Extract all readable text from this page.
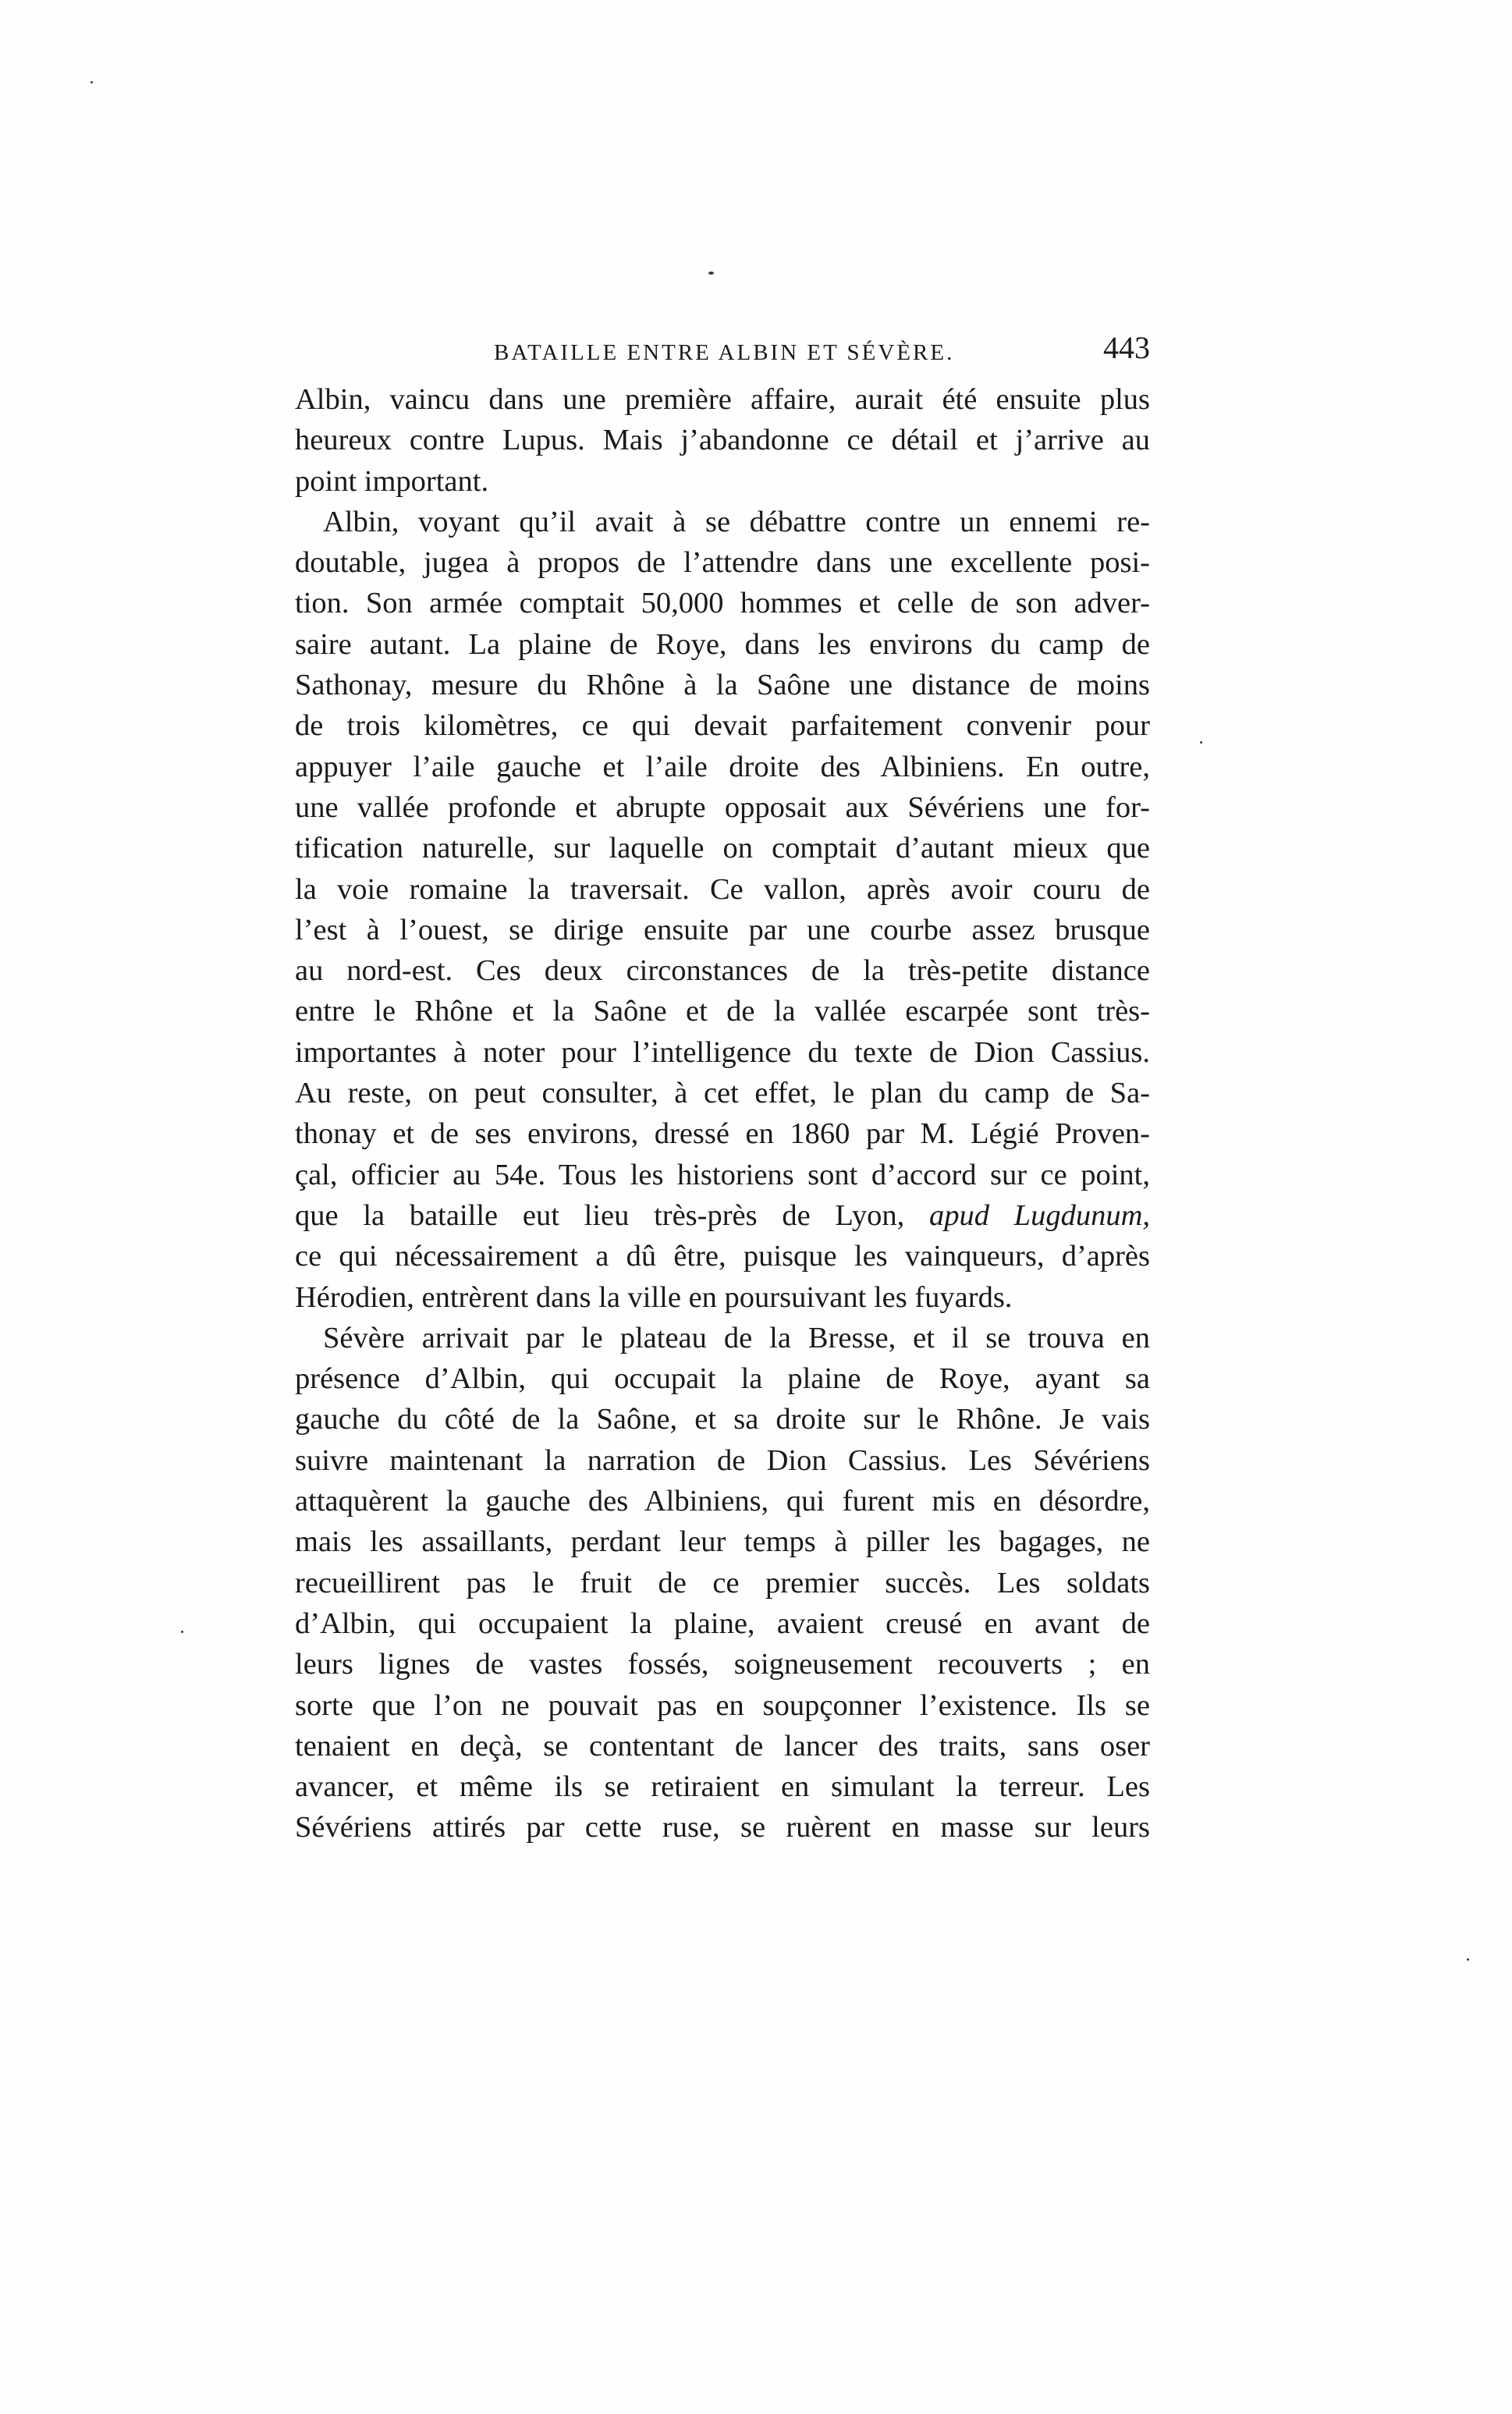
BATAILLE ENTRE ALBIN ET SÉVÈRE.	443
Albin, vaincu dans une première affaire, aurait été ensuite plus
heureux contre Lupus. Mais j’abandonne ce détail et j’arrive au
point important.
Albin, voyant qu’il avait à se débattre contre un ennemi re-
doutable, jugea à propos de l’attendre dans une excellente posi-
tion. Son armée comptait 50,000 hommes et celle de son adver-
saire autant. La plaine de Roye, dans les environs du camp de
Sathonay, mesure du Rhône à la Saône une distance de moins
de trois kilomètres, ce qui devait parfaitement convenir pour
appuyer l’aile gauche et l’aile droite des Albiniens. En outre,
une vallée profonde et abrupte opposait aux Sévériens une for-
tification naturelle, sur laquelle on comptait d’autant mieux que
la voie romaine la traversait. Ce vallon, après avoir couru de
l’est à l’ouest, se dirige ensuite par une courbe assez brusque
au nord-est. Ces deux circonstances de la très-petite distance
entre le Rhône et la Saône et de la vallée escarpée sont très-
importantes à noter pour l’intelligence du texte de Dion Cassius.
Au reste, on peut consulter, à cet effet, le plan du camp de Sa-
thonay et de ses environs, dressé en 1860 par M. Légié Proven-
çal, officier au 54e. Tous les historiens sont d’accord sur ce point,
que la bataille eut lieu très-près de Lyon, apud Lugdunum,
ce qui nécessairement a dû être, puisque les vainqueurs, d’après
Hérodien, entrèrent dans la ville en poursuivant les fuyards.
Sévère arrivait par le plateau de la Bresse, et il se trouva en
présence d’Albin, qui occupait la plaine de Roye, ayant sa
gauche du côté de la Saône, et sa droite sur le Rhône. Je vais
suivre maintenant la narration de Dion Cassius. Les Sévériens
attaquèrent la gauche des Albiniens, qui furent mis en désordre,
mais les assaillants, perdant leur temps à piller les bagages, ne
recueillirent pas le fruit de ce premier succès. Les soldats
d’Albin, qui occupaient la plaine, avaient creusé en avant de
leurs lignes de vastes fossés, soigneusement recouverts ; en
sorte que l’on ne pouvait pas en soupçonner l’existence. Ils se
tenaient en deçà, se contentant de lancer des traits, sans oser
avancer, et même ils se retiraient en simulant la terreur. Les
Sévériens attirés par cette ruse, se ruèrent en masse sur leurs
